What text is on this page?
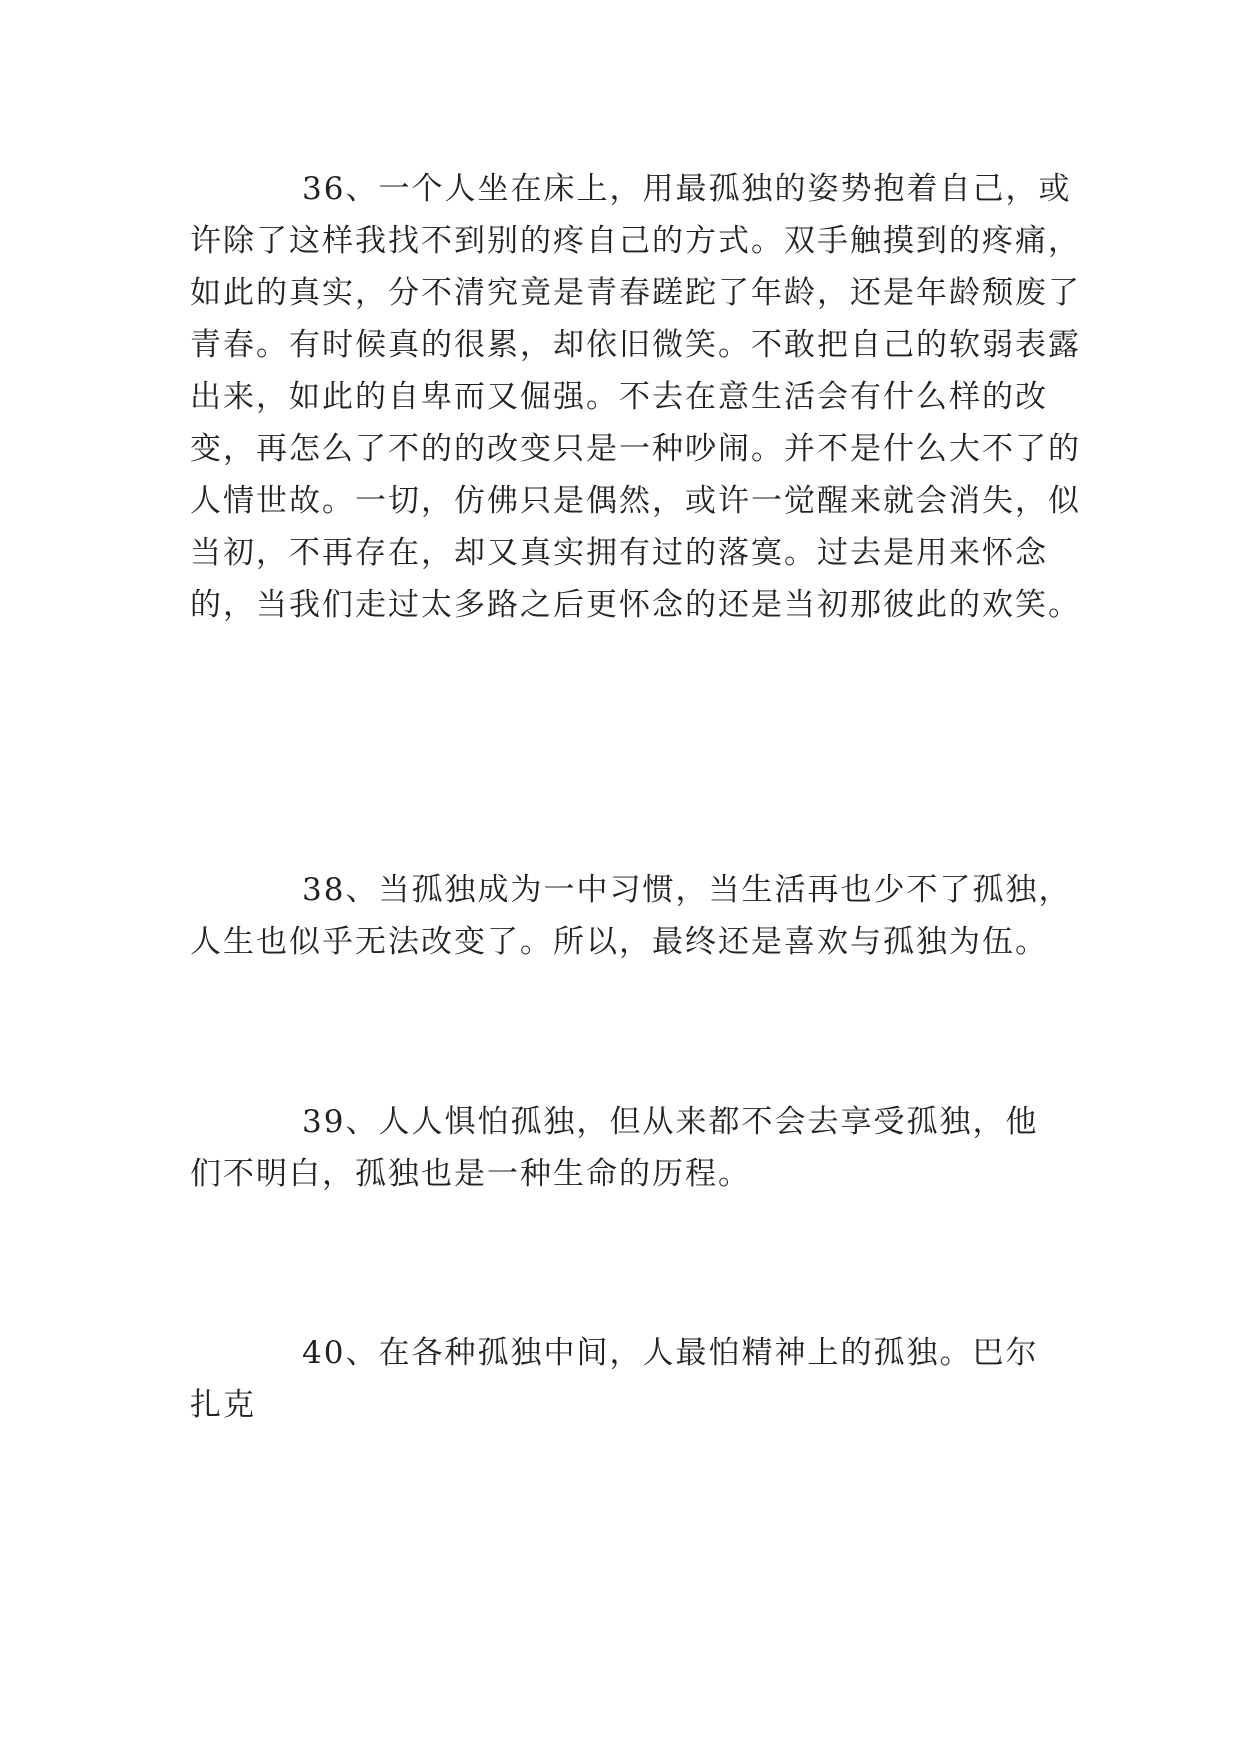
36、一个人坐在床上，用最孤独的姿势抱着自己，或许除了这样我找不到别的疼自己的方式。双手触摸到的疼痛，如此的真实，分不清究竟是青春蹉跎了年龄，还是年龄颓废了青春。有时候真的很累，却依旧微笑。不敢把自己的软弱表露出来，如此的自卑而又倔强。不去在意生活会有什么样的改变，再怎么了不的的改变只是一种吵闹。并不是什么大不了的人情世故。一切，仿佛只是偶然，或许一觉醒来就会消失，似当初，不再存在，却又真实拥有过的落寞。过去是用来怀念的，当我们走过太多路之后更怀念的还是当初那彼此的欢笑。

38、当孤独成为一中习惯，当生活再也少不了孤独，人生也似乎无法改变了。所以，最终还是喜欢与孤独为伍。

39、人人惧怕孤独，但从来都不会去享受孤独，他们不明白，孤独也是一种生命的历程。

40、在各种孤独中间，人最怕精神上的孤独。巴尔扎克
